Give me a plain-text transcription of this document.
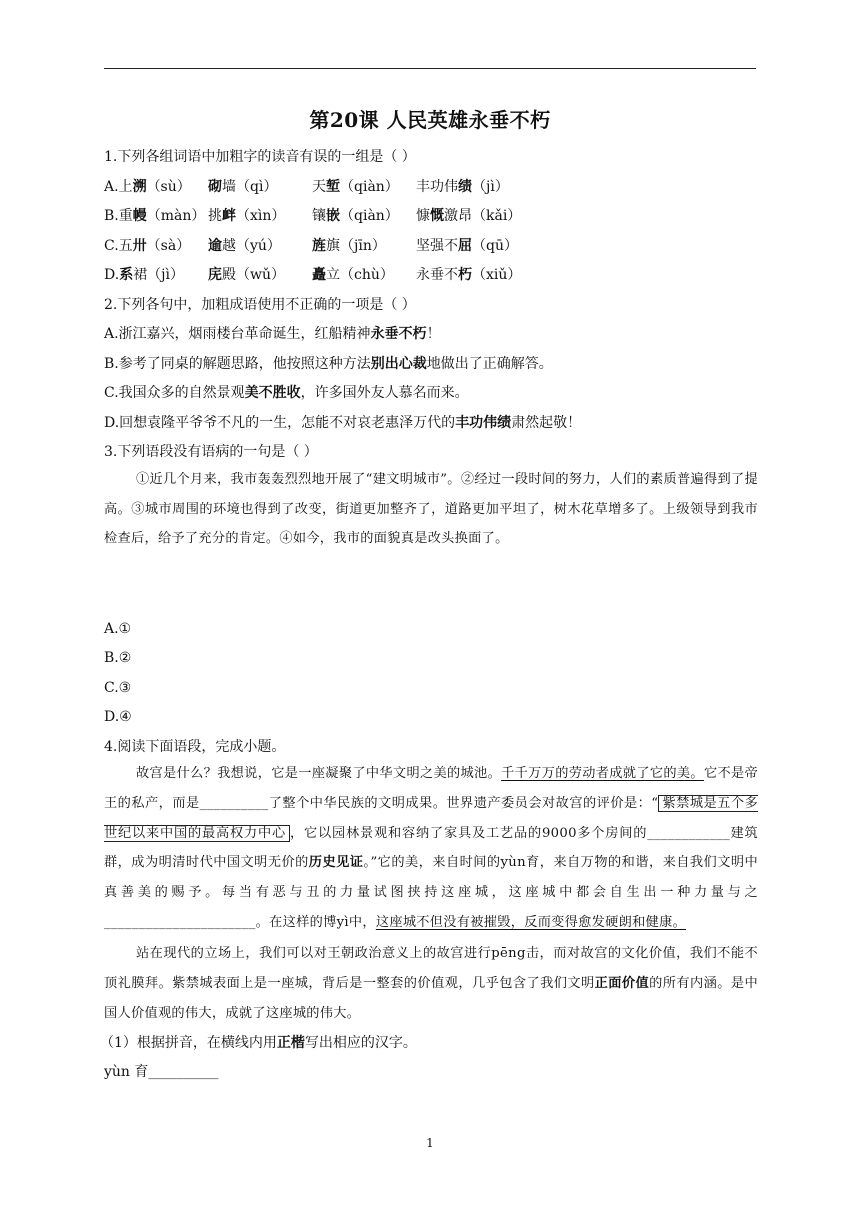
第20课 人民英雄永垂不朽
1.下列各组词语中加粗字的读音有误的一组是（ ）
A.上溯（sù） 砌墙（qì） 天堑（qiàn） 丰功伟绩（jì）
B.重幔（màn） 挑衅（xìn） 镶嵌（qiàn） 慷慨激昂（kǎi）
C.五卅（sà） 逾越（yú） 旌旗（jīn） 坚强不屈（qū）
D.系裙（jì） 庑殿（wǔ） 矗立（chù） 永垂不朽（xiǔ）
2.下列各句中，加粗成语使用不正确的一项是（ ）
A.浙江嘉兴，烟雨楼台革命诞生，红船精神永垂不朽！
B.参考了同桌的解题思路，他按照这种方法别出心裁地做出了正确解答。
C.我国众多的自然景观美不胜收，许多国外友人慕名而来。
D.回想袁隆平爷爷不凡的一生，怎能不对哀老惠泽万代的丰功伟绩肃然起敬！
3.下列语段没有语病的一句是（ ）
①近几个月来，我市轰轰烈烈地开展了“建文明城市”。②经过一段时间的努力，人们的素质普遍得到了提高。③城市周围的环境也得到了改变，街道更加整齐了，道路更加平坦了，树木花草增多了。上级领导到我市检查后，给予了充分的肯定。④如今，我市的面貌真是改头换面了。
A.①
B.②
C.③
D.④
4.阅读下面语段，完成小题。
故宫是什么？我想说，它是一座凝聚了中华文明之美的城池。千千万万的劳动者成就了它的美。它不是帝王的私产，而是__________了整个中华民族的文明成果。世界遗产委员会对故宫的评价是：“ 紫禁城是五个多世纪以来中国的最高权力中心 ，它以园林景观和容纳了家具及工艺品的9000多个房间的____________建筑群，成为明清时代中国文明无价的历史见证。”它的美，来自时间的yùn育，来自万物的和谐，来自我们文明中真善美的赐予。每当有恶与丑的力量试图挟持这座城，这座城中都会自生出一种力量与之______________________。在这样的博yì中，这座城不但没有被摧毁，反而变得愈发硬朗和健康。
站在现代的立场上，我们可以对王朝政治意义上的故宫进行pēng击，而对故宫的文化价值，我们不能不顶礼膜拜。紫禁城表面上是一座城，背后是一整套的价值观，几乎包含了我们文明正面价值的所有内涵。是中国人价值观的伟大，成就了这座城的伟大。
（1）根据拼音，在横线内用正楷写出相应的汉字。
yùn 育__________
1
